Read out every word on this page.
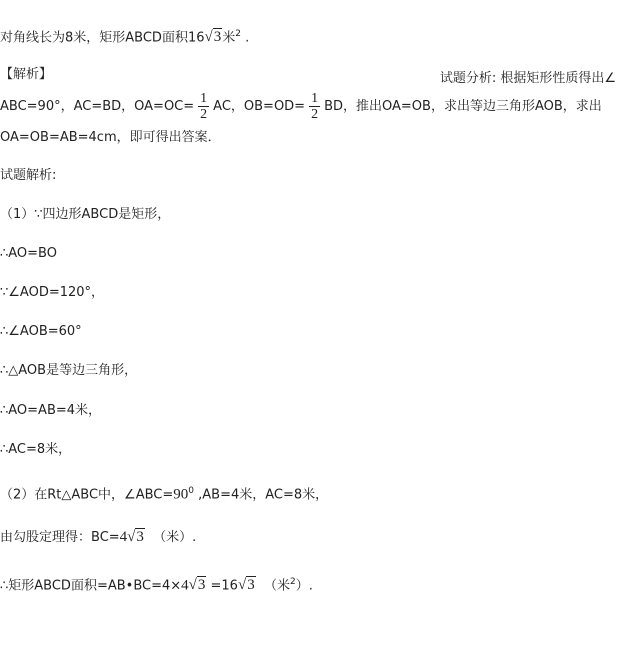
对角线长为8米，矩形ABCD面积16√3米$^2$ .
【解析】	试题分析: 根据矩形性质得出∠
ABC=90°，AC=BD，$OA=OC= \frac{1}{2}$ AC，$OB=OD= \frac{1}{2}$ BD，推出OA=OB，求出等边三角形AOB，求出
OA=OB=AB=4cm，即可得出答案．
试题解析:
（1）∵四边形ABCD是矩形，
∴AO=BO
∵∠AOD=120°，
∴∠AOB=60°
∴△AOB是等边三角形，
∴AO=AB=4米，
∴AC=8米，
（2）在Rt△ABC中，$\angle ABC=90^0$ ,AB=4米，AC=8米，
由勾股定理得：BC=4√3 （米）.
∴矩形ABCD面积=AB•BC=4×4√3 =16√3 （米$^2$）.
